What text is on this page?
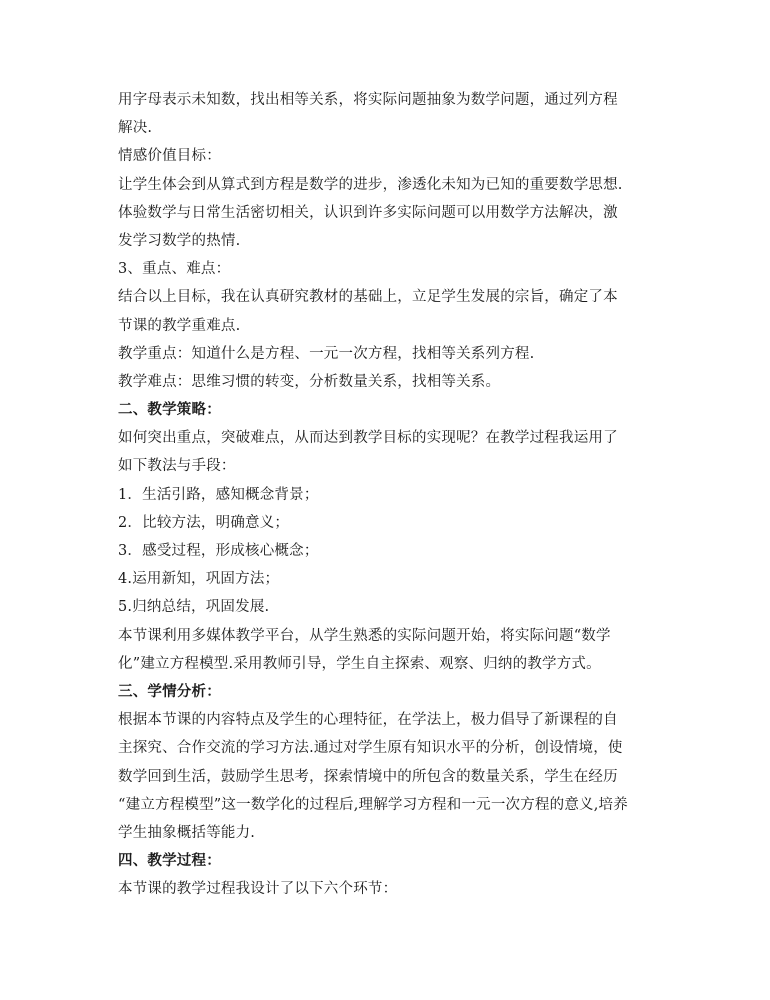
用字母表示未知数，找出相等关系，将实际问题抽象为数学问题，通过列方程
解决.
情感价值目标：
让学生体会到从算式到方程是数学的进步，渗透化未知为已知的重要数学思想.
体验数学与日常生活密切相关，认识到许多实际问题可以用数学方法解决，激
发学习数学的热情.
3、重点、难点：
结合以上目标，我在认真研究教材的基础上，立足学生发展的宗旨，确定了本
节课的教学重难点.
教学重点：知道什么是方程、一元一次方程，找相等关系列方程.
教学难点：思维习惯的转变，分析数量关系，找相等关系。
二、教学策略：
如何突出重点，突破难点，从而达到教学目标的实现呢？在教学过程我运用了
如下教法与手段：
1．生活引路，感知概念背景；
2．比较方法，明确意义；
3．感受过程，形成核心概念；
4.运用新知，巩固方法；
5.归纳总结，巩固发展.
本节课利用多媒体教学平台，从学生熟悉的实际问题开始，将实际问题“数学
化”建立方程模型.采用教师引导，学生自主探索、观察、归纳的教学方式。
三、学情分析：
根据本节课的内容特点及学生的心理特征，在学法上，极力倡导了新课程的自
主探究、合作交流的学习方法.通过对学生原有知识水平的分析，创设情境，使
数学回到生活，鼓励学生思考，探索情境中的所包含的数量关系，学生在经历
“建立方程模型”这一数学化的过程后,理解学习方程和一元一次方程的意义,培养
学生抽象概括等能力.
四、教学过程：
本节课的教学过程我设计了以下六个环节：
